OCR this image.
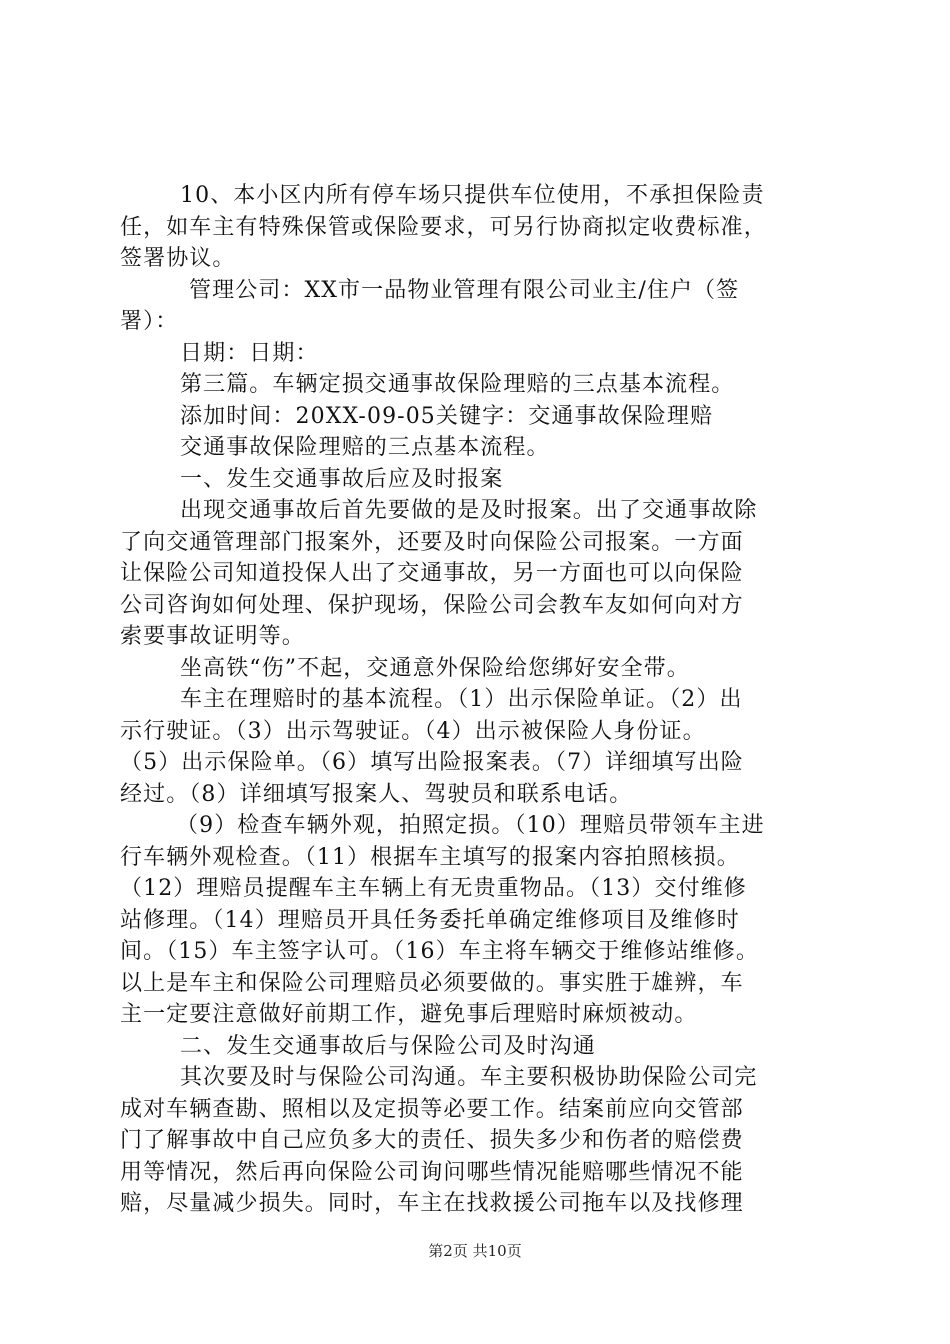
10、本小区内所有停车场只提供车位使用，不承担保险责
任，如车主有特殊保管或保险要求，可另行协商拟定收费标准，
签署协议。
管理公司：XX市一品物业管理有限公司业主/住户（签
署）：
日期：日期：
第三篇。车辆定损交通事故保险理赔的三点基本流程。
添加时间：20XX-09-05关键字：交通事故保险理赔
交通事故保险理赔的三点基本流程。
一、发生交通事故后应及时报案
出现交通事故后首先要做的是及时报案。出了交通事故除
了向交通管理部门报案外，还要及时向保险公司报案。一方面
让保险公司知道投保人出了交通事故，另一方面也可以向保险
公司咨询如何处理、保护现场，保险公司会教车友如何向对方
索要事故证明等。
坐高铁“伤”不起，交通意外保险给您绑好安全带。
车主在理赔时的基本流程。（1）出示保险单证。（2）出
示行驶证。（3）出示驾驶证。（4）出示被保险人身份证。
（5）出示保险单。（6）填写出险报案表。（7）详细填写出险
经过。（8）详细填写报案人、驾驶员和联系电话。
（9）检查车辆外观，拍照定损。（10）理赔员带领车主进
行车辆外观检查。（11）根据车主填写的报案内容拍照核损。
（12）理赔员提醒车主车辆上有无贵重物品。（13）交付维修
站修理。（14）理赔员开具任务委托单确定维修项目及维修时
间。（15）车主签字认可。（16）车主将车辆交于维修站维修。
以上是车主和保险公司理赔员必须要做的。事实胜于雄辨，车
主一定要注意做好前期工作，避免事后理赔时麻烦被动。
二、发生交通事故后与保险公司及时沟通
其次要及时与保险公司沟通。车主要积极协助保险公司完
成对车辆查勘、照相以及定损等必要工作。结案前应向交管部
门了解事故中自己应负多大的责任、损失多少和伤者的赔偿费
用等情况，然后再向保险公司询问哪些情况能赔哪些情况不能
赔，尽量减少损失。同时，车主在找救援公司拖车以及找修理
第2页 共10页
